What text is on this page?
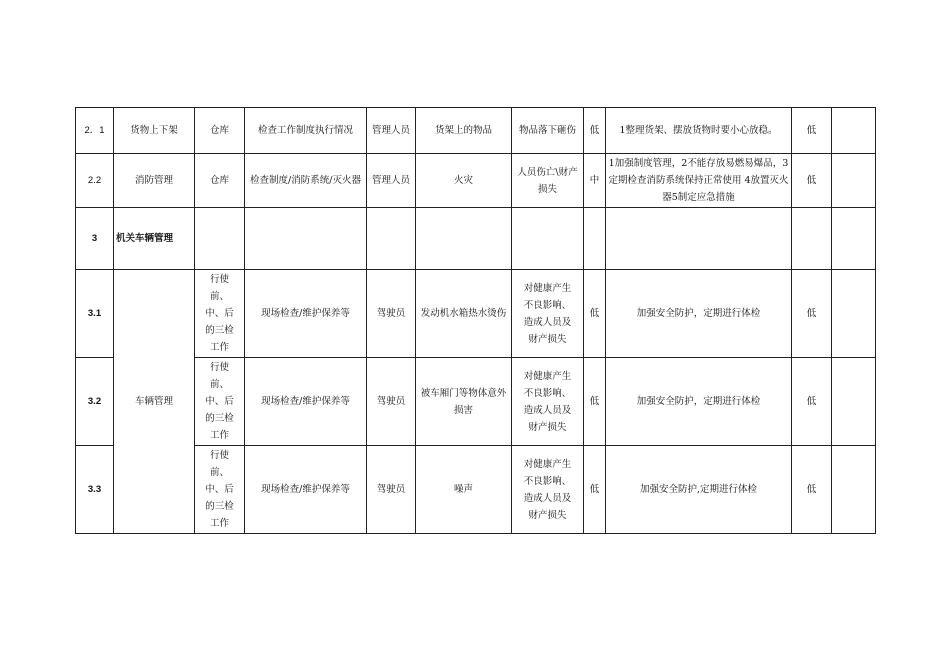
2．1	货物上下架	仓库	检查工作制度执行情况	管理人员	货架上的物品	物品落下砸伤	低	1整理货架、摆放货物时要小心放稳。	低	
2.2	消防管理	仓库	检查制度/消防系统/灭火器	管理人员	火灾	人员伤亡\财产损失	中	1加强制度管理，2不能存放易燃易爆品，3定期检查消防系统保持正常使用 4放置灭火器5制定应急措施	低	
3	机关车辆管理									

3.1	车辆管理	行使
前、
中、后
的三检
工作	现场检查/维护保养等	驾驶员	发动机水箱热水烫伤	对健康产生
不良影响、
造成人员及
财产损失	低	加强安全防护，定期进行体检	低	
3.2		行使
前、
中、后
的三检
工作	现场检查/维护保养等	驾驶员	被车厢门等物体意外损害	对健康产生
不良影响、
造成人员及
财产损失	低	加强安全防护，定期进行体检	低	
3.3		行使
前、
中、后
的三检
工作	现场检查/维护保养等	驾驶员	噪声	对健康产生
不良影响、
造成人员及
财产损失	低	加强安全防护,定期进行体检	低	
